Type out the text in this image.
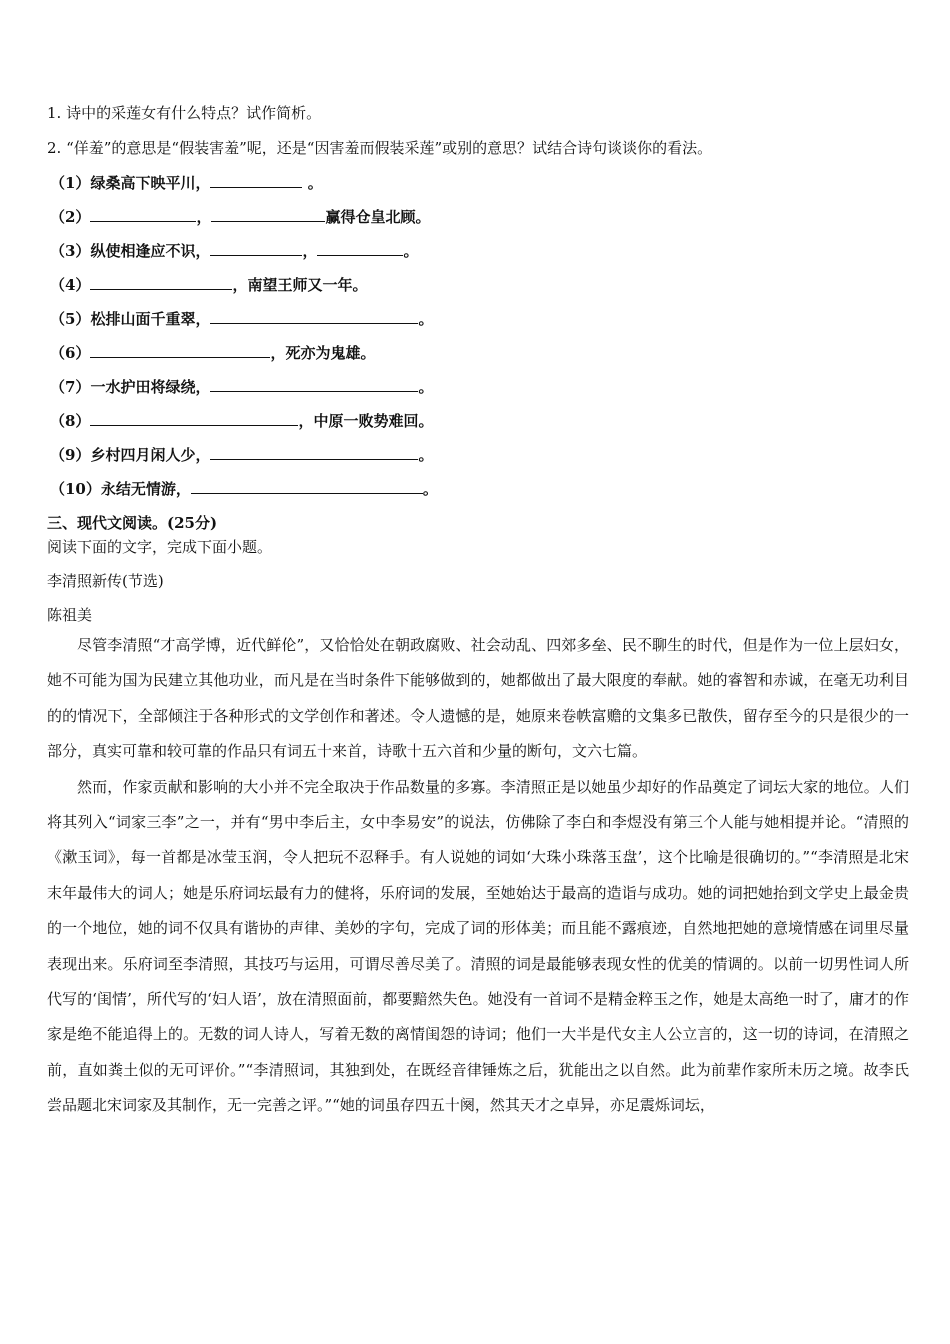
1. 诗中的采莲女有什么特点？试作简析。
2. “佯羞”的意思是“假装害羞”呢，还是“因害羞而假装采莲”或别的意思？试结合诗句谈谈你的看法。
（1）绿桑高下映平川，	。
（2）	，	赢得仓皇北顾。
（3）纵使相逢应不识，	，	。
（4）	，南望王师又一年。
（5）松排山面千重翠，	。
（6）	，死亦为鬼雄。
（7）一水护田将绿绕，	。
（8）	，中原一败势难回。
（9）乡村四月闲人少，	。
（10）永结无情游，	。
三、现代文阅读。(25分)
阅读下面的文字，完成下面小题。
李清照新传(节选)
陈祖美

尽管李清照“才高学博，近代鲜伦”，又恰恰处在朝政腐败、社会动乱、四郊多垒、民不聊生的时代，但是作为一位上层妇女，她不可能为国为民建立其他功业，而凡是在当时条件下能够做到的，她都做出了最大限度的奉献。她的睿智和赤诚，在毫无功利目的的情况下，全部倾注于各种形式的文学创作和著述。令人遗憾的是，她原来卷帙富赡的文集多已散佚，留存至今的只是很少的一部分，真实可靠和较可靠的作品只有词五十来首，诗歌十五六首和少量的断句，文六七篇。

然而，作家贡献和影响的大小并不完全取决于作品数量的多寡。李清照正是以她虽少却好的作品奠定了词坛大家的地位。人们将其列入“词家三李”之一，并有“男中李后主，女中李易安”的说法，仿佛除了李白和李煜没有第三个人能与她相提并论。“清照的《漱玉词》，每一首都是冰莹玉润，令人把玩不忍释手。有人说她的词如‘大珠小珠落玉盘’，这个比喻是很确切的。”“李清照是北宋末年最伟大的词人；她是乐府词坛最有力的健将，乐府词的发展，至她始达于最高的造诣与成功。她的词把她抬到文学史上最金贵的一个地位，她的词不仅具有谐协的声律、美妙的字句，完成了词的形体美；而且能不露痕迹，自然地把她的意境情感在词里尽量表现出来。乐府词至李清照，其技巧与运用，可谓尽善尽美了。清照的词是最能够表现女性的优美的情调的。以前一切男性词人所代写的‘闺情’，所代写的‘妇人语’，放在清照面前，都要黯然失色。她没有一首词不是精金粹玉之作，她是太高绝一时了，庸才的作家是绝不能追得上的。无数的词人诗人，写着无数的离情闺怨的诗词；他们一大半是代女主人公立言的，这一切的诗词，在清照之前，直如粪土似的无可评价。”“李清照词，其独到处，在既经音律锤炼之后，犹能出之以自然。此为前辈作家所未历之境。故李氏尝品题北宋词家及其制作，无一完善之评。”“她的词虽存四五十阕，然其天才之卓异，亦足震烁词坛，
